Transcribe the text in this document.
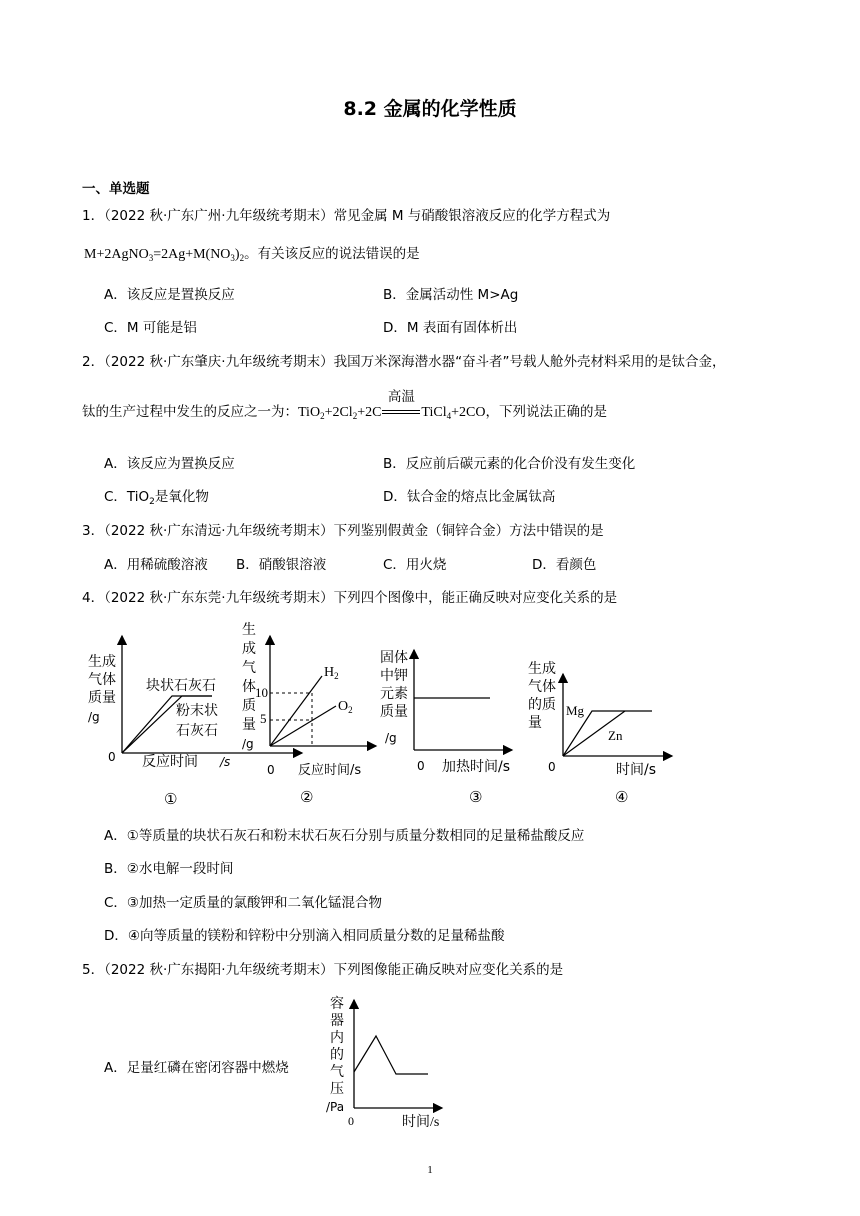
8.2 金属的化学性质
一、单选题
1．（2022 秋·广东广州·九年级统考期末）常见金属 M 与硝酸银溶液反应的化学方程式为
$M+2AgNO_3=2Ag+M(NO_3)_2$。有关该反应的说法错误的是
A．该反应是置换反应	B．金属活动性 M>Ag
C．M 可能是铝	D．M 表面有固体析出
2．（2022 秋·广东肇庆·九年级统考期末）我国万米深海潜水器“奋斗者”号载人舱外壳材料采用的是钛合金，
钛的生产过程中发生的反应之一为：$TiO_2+2Cl_2+2C$
高温
TiCl$_4$+2CO，下列说法正确的是
A．该反应为置换反应	B．反应前后碳元素的化合价没有发生变化
C．TiO$_2$是氧化物	D．钛合金的熔点比金属钛高
3．（2022 秋·广东清远·九年级统考期末）下列鉴别假黄金（铜锌合金）方法中错误的是
A．用稀硫酸溶液 B．硝酸银溶液	C．用火烧	D．看颜色
4．（2022 秋·广东东莞·九年级统考期末）下列四个图像中，能正确反映对应变化关系的是
生成
气体
质量
/g
0 反应时间 /s
块状石灰石
粉末状
石灰石
①
生
成
气
体
质
量
/g
10
5
$H_2$
$O_2$
0 反应时间/s
②
固体
中钾
元素
质量
/g
0 加热时间/s
③
生成
气体
的质
量
Mg
Zn
0	时间/s
④
A．①等质量的块状石灰石和粉末状石灰石分别与质量分数相同的足量稀盐酸反应
B．②水电解一段时间
C．③加热一定质量的氯酸钾和二氧化锰混合物
D．④向等质量的镁粉和锌粉中分别滴入相同质量分数的足量稀盐酸
5．（2022 秋·广东揭阳·九年级统考期末）下列图像能正确反映对应变化关系的是
A．足量红磷在密闭容器中燃烧
容
器
内
的
气
压
/Pa
0	时间/s
1
